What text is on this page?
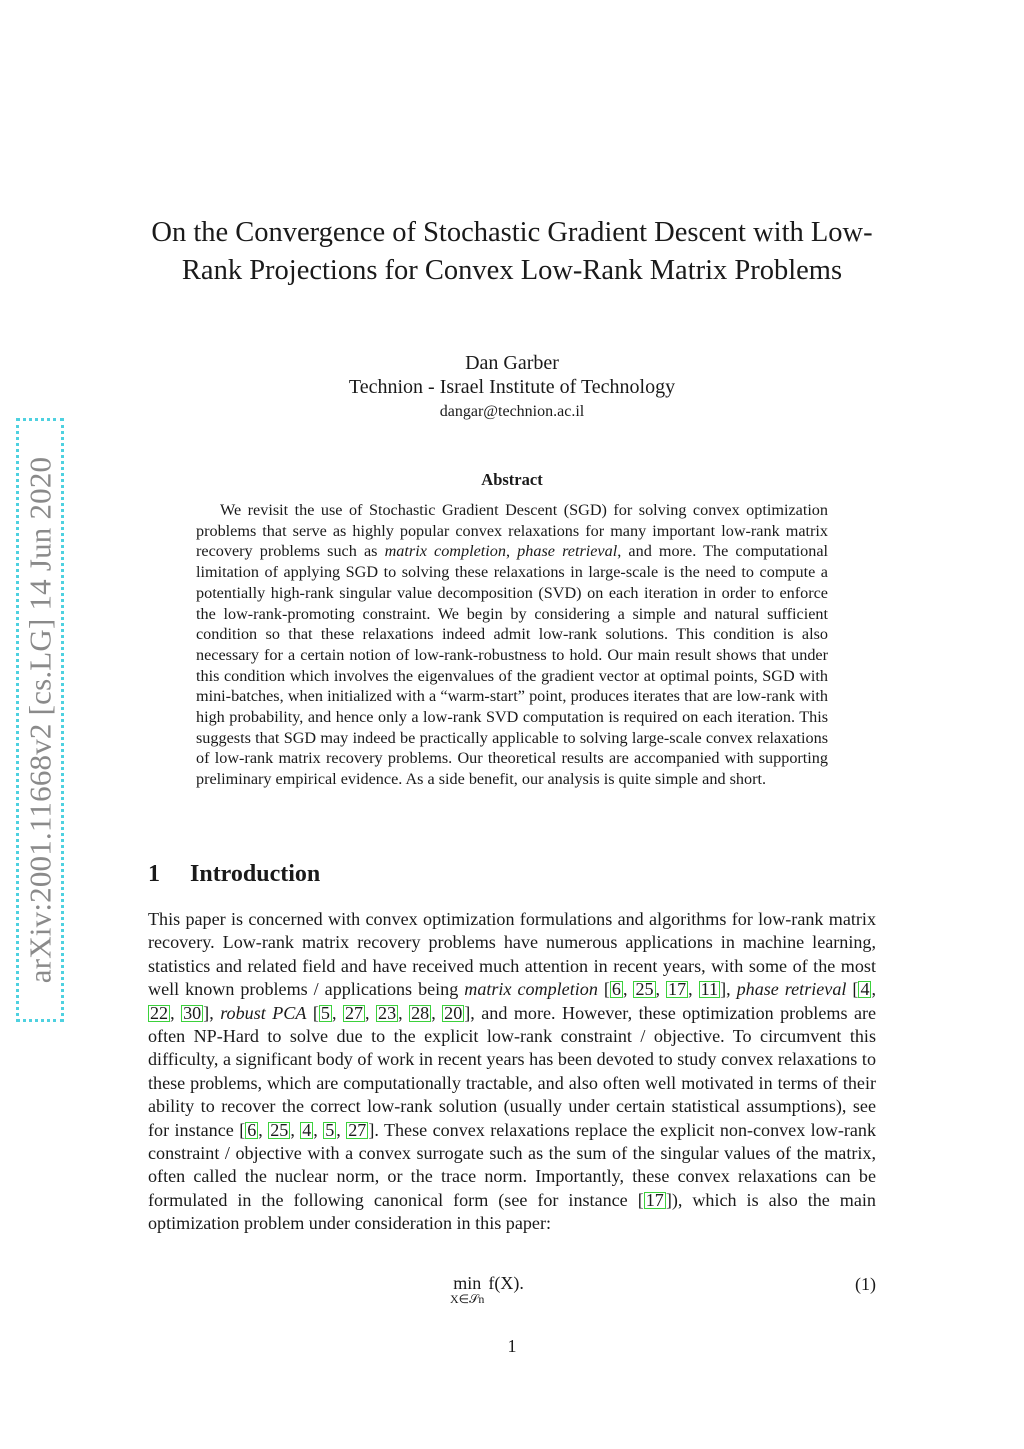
arXiv:2001.11668v2 [cs.LG] 14 Jun 2020
On the Convergence of Stochastic Gradient Descent with Low-Rank Projections for Convex Low-Rank Matrix Problems
Dan Garber
Technion - Israel Institute of Technology
dangar@technion.ac.il
Abstract

We revisit the use of Stochastic Gradient Descent (SGD) for solving convex optimization problems that serve as highly popular convex relaxations for many important low-rank matrix recovery problems such as matrix completion, phase retrieval, and more. The computational limitation of applying SGD to solving these relaxations in large-scale is the need to compute a potentially high-rank singular value decomposition (SVD) on each iteration in order to enforce the low-rank-promoting constraint. We begin by considering a simple and natural sufficient condition so that these relaxations indeed admit low-rank solutions. This condition is also necessary for a certain notion of low-rank-robustness to hold. Our main result shows that under this condition which involves the eigenvalues of the gradient vector at optimal points, SGD with mini-batches, when initialized with a “warm-start” point, produces iterates that are low-rank with high probability, and hence only a low-rank SVD computation is required on each iteration. This suggests that SGD may indeed be practically applicable to solving large-scale convex relaxations of low-rank matrix recovery problems. Our theoretical results are accompanied with supporting preliminary empirical evidence. As a side benefit, our analysis is quite simple and short.

1 Introduction

This paper is concerned with convex optimization formulations and algorithms for low-rank matrix recovery. Low-rank matrix recovery problems have numerous applications in machine learning, statistics and related field and have received much attention in recent years, with some of the most well known problems / applications being matrix completion [ 6 , 25 , 17 , 11 ], phase retrieval [ 4 , 22 , 30 ], robust PCA [ 5 , 27 , 23 , 28 , 20 ], and more. However, these optimization problems are often NP-Hard to solve due to the explicit low-rank constraint / objective. To circumvent this difficulty, a significant body of work in recent years has been devoted to study convex relaxations to these problems, which are computationally tractable, and also often well motivated in terms of their ability to recover the correct low-rank solution (usually under certain statistical assumptions), see for instance [ 6 , 25 , 4 , 5 , 27 ]. These convex relaxations replace the explicit non-convex low-rank constraint / objective with a convex surrogate such as the sum of the singular values of the matrix, often called the nuclear norm, or the trace norm. Importantly, these convex relaxations can be formulated in the following canonical form (see for instance [ 17 ]), which is also the main optimization problem under consideration in this paper:

min
X∈𝒮n
f(X).	(1)
1
